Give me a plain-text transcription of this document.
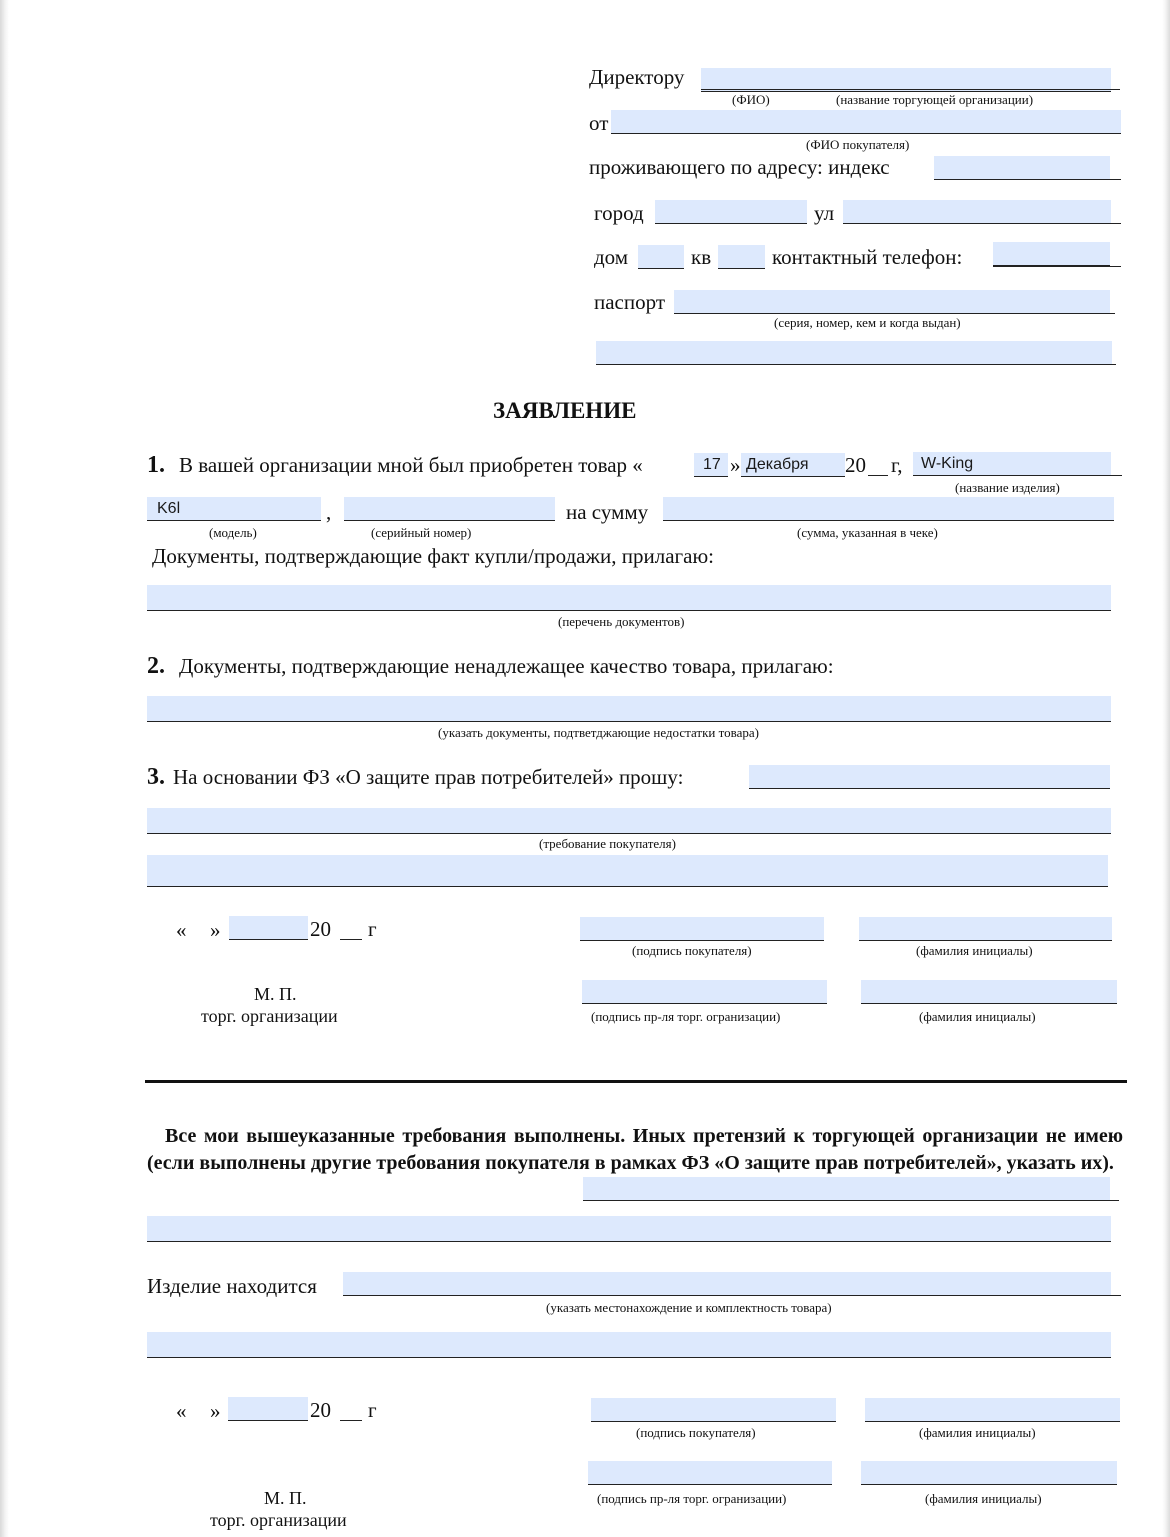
Директору
(ФИО)	(название торгующей организации)
от
(ФИО покупателя)
проживающего по адресу: индекс
город	ул
дом	кв	контактный телефон:
паспорт
(серия, номер, кем и когда выдан)
ЗАЯВЛЕНИЕ
1. В вашей организации мной был приобретен товар «	17 » Декабря 20 г, W-King
(название изделия)
K6l	,	на сумму
(модель)	(серийный номер)	(сумма, указанная в чеке)
Документы, подтверждающие факт купли/продажи, прилагаю:
(перечень документов)
2. Документы, подтверждающие ненадлежащее качество товара, прилагаю:
(указать документы, подтветджающие недостатки товара)
3. На основании ФЗ «О защите прав потребителей» прошу:
(требование покупателя)
« »	20 г
(подпись покупателя)	(фамилия инициалы)
М. П.
торг. организации	(подпись пр-ля торг. огранизации)	(фамилия инициалы)
Все мои вышеуказанные требования выполнены. Иных претензий к торгующей организации не имею (если выполнены другие требования покупателя в рамках ФЗ «О защите прав потребителей», указать их).
Изделие находится
(указать местонахождение и комплектность товара)
« »	20 г
(подпись покупателя)	(фамилия инициалы)
М. П.
торг. организации
(подпись пр-ля торг. огранизации)	(фамилия инициалы)
